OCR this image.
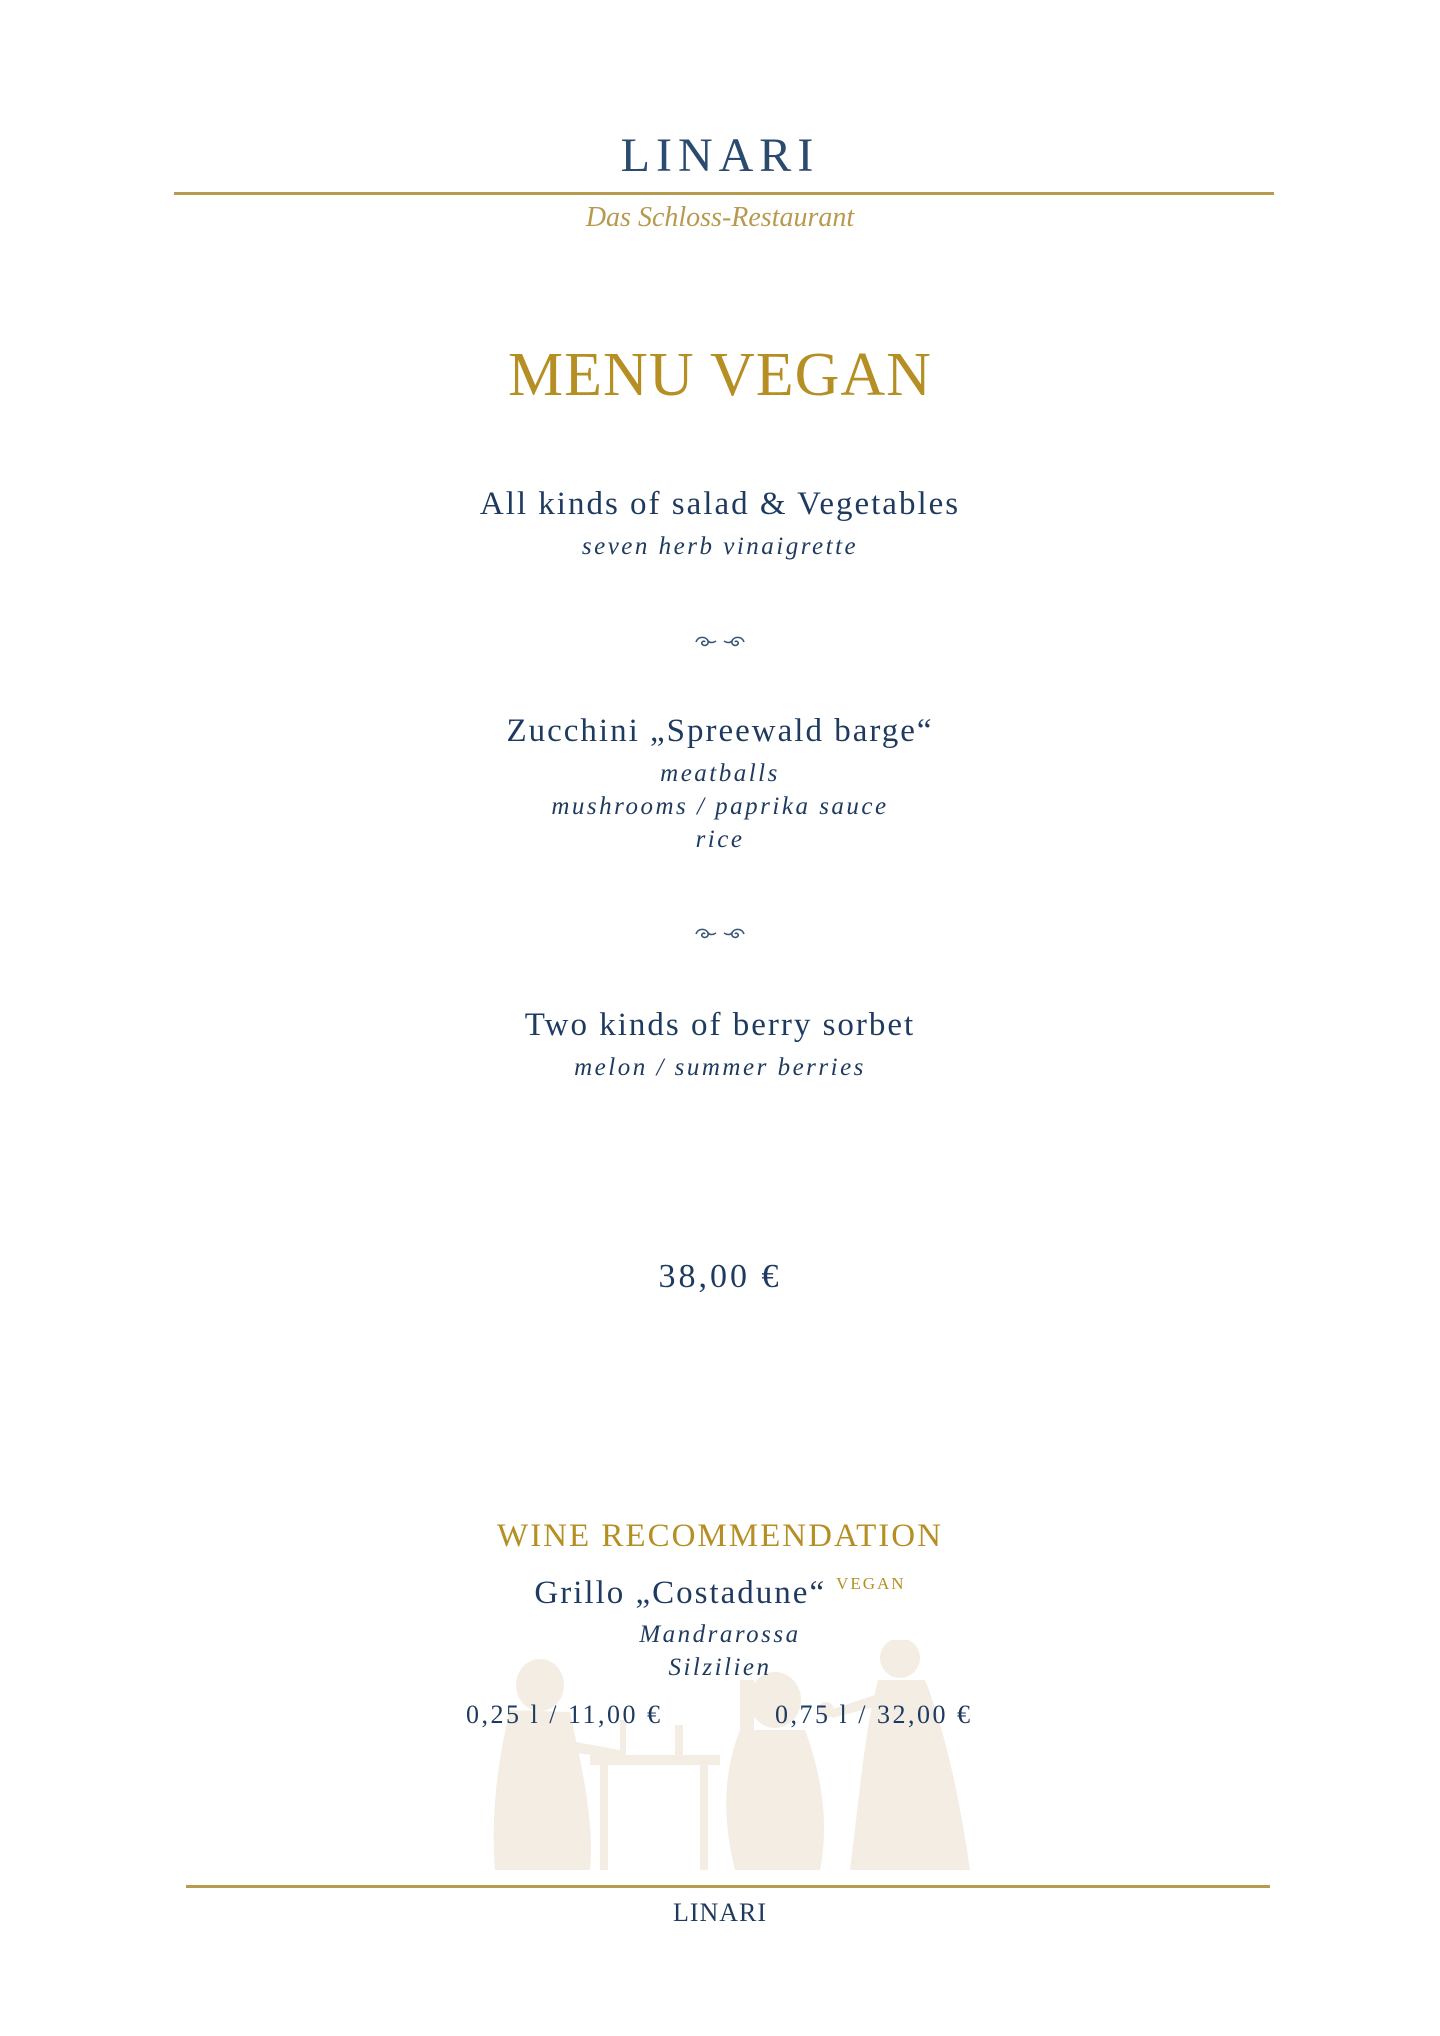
LINARI
Das Schloss-Restaurant
MENU VEGAN
All kinds of salad & Vegetables
seven herb vinaigrette
Zucchini „Spreewald barge“
meatballs
mushrooms / paprika sauce
rice
Two kinds of berry sorbet
melon / summer berries
38,00 €
WINE RECOMMENDATION
Grillo „Costadune“ VEGAN
Mandrarossa
Silzilien
0,25 l / 11,00 €	0,75 l / 32,00 €
LINARI
